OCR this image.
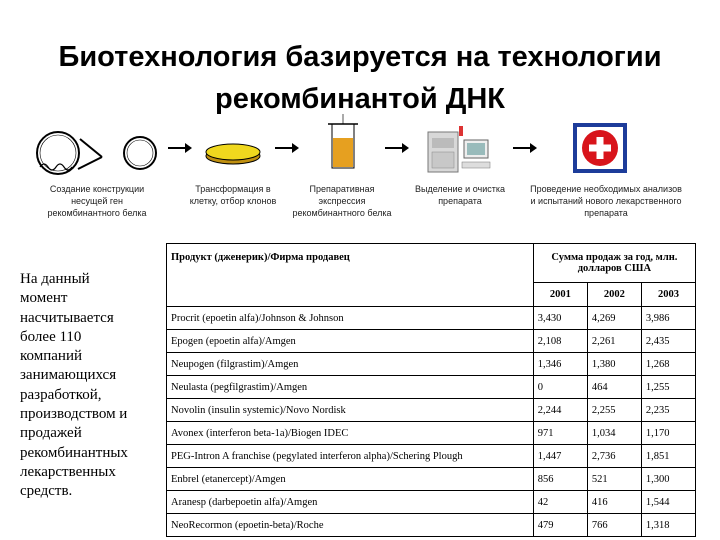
Биотехнология базируется на технологии
рекомбинантой ДНК
Создание конструкции
несущей ген
рекомбинантного белка
Трансформация в
клетку, отбор клонов
Препаративная
экспрессия
рекомбинантного белка
Выделение и очистка
препарата
Проведение необходимых анализов
и испытаний нового лекарственного
препарата
На данный
момент
насчитывается
более 110
компаний
занимающихся
разработкой,
производством и
продажей
рекомбинантных
лекарственных
средств.
Продукт (дженерик)/Фирма продавец	Сумма продаж за год, млн.
долларов США		

	2001	2002	2003
Procrit (epoetin alfa)/Johnson & Johnson	3,430	4,269	3,986
Epogen (epoetin alfa)/Amgen	2,108	2,261	2,435
Neupogen (filgrastim)/Amgen	1,346	1,380	1,268
Neulasta (pegfilgrastim)/Amgen	0	464	1,255
Novolin (insulin systemic)/Novo Nordisk	2,244	2,255	2,235
Avonex (interferon beta-1a)/Biogen IDEC	971	1,034	1,170
PEG-Intron A franchise (pegylated interferon alpha)/Schering Plough	1,447	2,736	1,851
Enbrel (etanercept)/Amgen	856	521	1,300
Aranesp (darbepoetin alfa)/Amgen	42	416	1,544
NeoRecormon (epoetin-beta)/Roche	479	766	1,318
